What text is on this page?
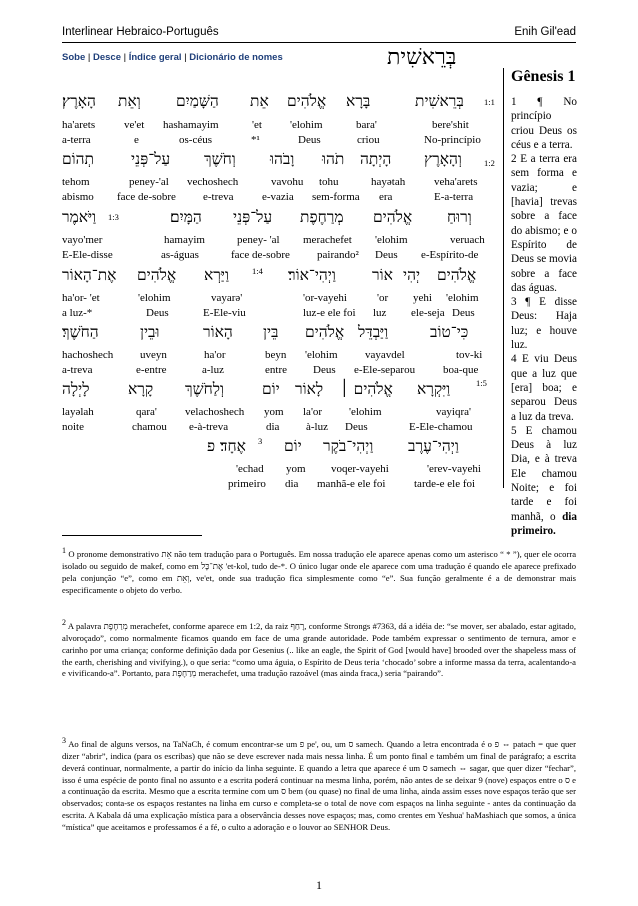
Interlinear Hebraico-Português	Enih Gil'ead
Sobe | Desce | Índice geral | Dicionário de nomes	בְּרֵאשִׁית
Gênesis 1
1 ¶ No princípio criou Deus os céus e a terra.
2 E a terra era sem forma e vazia; e [havia] trevas sobre a face do abismo; e o Espírito de Deus se movia sobre a face das águas.
3 ¶ E disse Deus: Haja luz; e houve luz.
4 E viu Deus que a luz que [era] boa; e separou Deus a luz da treva.
5 E chamou Deus à luz Dia, e à treva Ele chamou Noite; e foi tarde e foi manhã, o dia primeiro.
1:1
בְּרֵאשִׁית
בָּרָא
אֱלֹהִים
אֵת
הַשָּׁמַיִם
וְאֵת
הָאָרֶץ׃
bere'shit
bara'
'elohim
'et
hashamayim
ve'et
ha'arets
No-princípio
criou
Deus
*¹
os-céus
e
a-terra
1:2
וְהָאָרֶץ
הָיְתָה
תֹהוּ
וָבֹהוּ
וְחֹשֶׁךְ
עַל־פְּנֵי
תְהוֹם
veha'arets
hayətah
tohu
vavohu
vechoshech
peney-'al
tehom
E-a-terra
era
sem-forma
e-vazia
e-treva
face de-sobre
abismo
וְרוּחַ
אֱלֹהִים
מְרַחֶפֶת
עַל־פְּנֵי
הַמָּיִם׃
1:3
וַיֹּאמֶר
veruach
'elohim
merachefet
peney- 'al
hamayim
vayo'mer
e-Espírito-de
Deus
pairando²
face de-sobre
as-águas
E-Ele-disse
אֱלֹהִים
יְהִי
אוֹר
וַיְהִי־אוֹר׃
1:4
וַיַּרְא
אֱלֹהִים
אֶת־הָאוֹר
'elohim
yehi
'or
'or-vayehi
vayarə'
'elohim
ha'or- 'et
Deus
ele-seja
luz
luz-e ele foi
E-Ele-viu
Deus
a luz-*
כִּי־טוֹב
וַיַּבְדֵּל
אֱלֹהִים
בֵּין
הָאוֹר
וּבֵין
הַחֹשֶׁךְ׃
tov-ki
vayavdel
'elohim
beyn
ha'or
uveyn
hachoshech
boa-que
e-Ele-separou
Deus
entre
a-luz
e-entre
a-treva
1:5
וַיִּקְרָא
אֱלֹהִים ׀
לָאוֹר
יוֹם
וְלַחֹשֶׁךְ
קָרָא
לָיְלָה
vayiqra'
'elohim
la'or
yom
velachoshech
qara'
layəlah
E-Ele-chamou
Deus
à-luz
dia
e-à-treva
chamou
noite
וַיְהִי־עֶרֶב
וַיְהִי־בֹקֶר
יוֹם
אֶחָד׃ פ 3
'erev-vayehi
voqer-vayehi
yom
'echad
tarde-e ele foi
manhã-e ele foi
dia
primeiro
$^1$ O pronome demonstrativo אֵת não tem tradução para o Português. Em nossa tradução ele aparece apenas como um asterisco “ * ”), quer ele ocorra isolado ou seguido de makef, como em אֶת־כָּל 'et-kol, tudo de-*. O único lugar onde ele aparece com uma tradução é quando ele aparece prefixado pela conjunção “e”, como em וְאֵת, ve'et, onde sua tradução fica simplesmente como “e”. Sua função geralmente é a de demonstrar mais especificamente o objeto do verbo.
$^2$ A palavra מְרַחֶפֶת merachefet, conforme aparece em 1:2, da raiz רָחַף, conforme Strongs #7363, dá a idéia de: “se mover, ser abalado, estar agitado, alvoroçado”, como normalmente ficamos quando em face de uma grande autoridade. Pode também expressar o sentimento de ternura, amor e carinho por uma criança; conforme definição dada por Gesenius (.. like an eagle, the Spirit of God [would have] brooded over the shapeless mass of the earth, cherishing and vivifying.), o que seria: “como uma águia, o Espírito de Deus teria ‘chocado’ sobre a informe massa da terra, acalentando-a e vivificando-a”. Portanto, para מְרַחֶפֶת merachefet, uma tradução razoável (mas ainda fraca,) seria “pairando”.
$^3$ Ao final de alguns versos, na TaNaCh, é comum encontrar-se um פ pe', ou, um ס samech. Quando a letra encontrada é o פ ⇔ patach = que quer dizer “abrir”, indica (para os escribas) que não se deve escrever nada mais nessa linha. É um ponto final e também um final de parágrafo; a escrita deverá continuar, normalmente, a partir do início da linha seguinte. E quando a letra que aparece é um ס samech ⇔ sagar, que quer dizer “fechar”, isso é uma espécie de ponto final no assunto e a escrita poderá continuar na mesma linha, porém, não antes de se deixar 9 (nove) espaços entre o ס e a continuação da escrita. Mesmo que a escrita termine com um ס bem (ou quase) no final de uma linha, ainda assim esses nove espaços terão que ser observados; conta-se os espaços restantes na linha em curso e completa-se o total de nove com espaços na linha seguinte - antes da continuação da escrita. A Kabala dá uma explicação mística para a observância desses nove espaços; mas, como crentes em Yeshua' haMashiach que somos, a única “mística” que aceitamos e professamos é a fé, o culto a adoração e o louvor ao SENHOR Deus.
1
